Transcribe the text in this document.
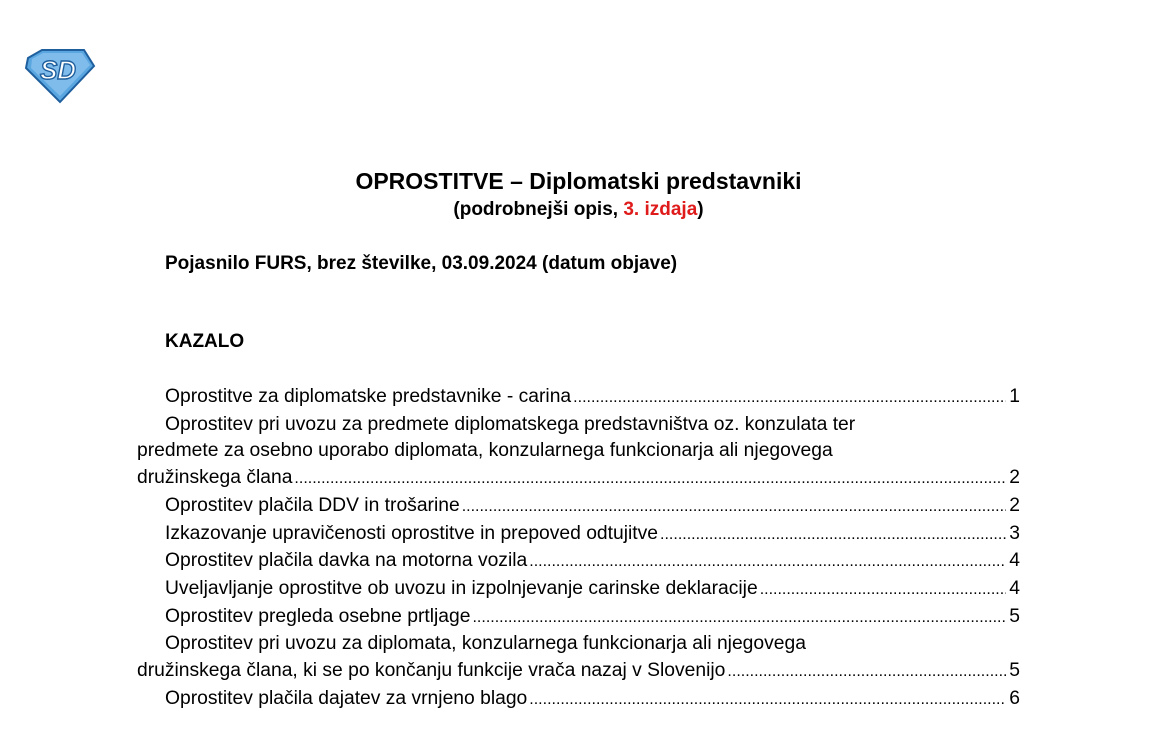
SD
OPROSTITVE – Diplomatski predstavniki

(podrobnejši opis, 3. izdaja)

Pojasnilo FURS, brez številke, 03.09.2024 (datum objave)

KAZALO

Oprostitve za diplomatske predstavnike - carina .....	1
Oprostitev pri uvozu za predmete diplomatskega predstavništva oz. konzulata ter
predmete za osebno uporabo diplomata, konzularnega funkcionarja ali njegovega
družinskega člana .....	2
Oprostitev plačila DDV in trošarine .....	2
Izkazovanje upravičenosti oprostitve in prepoved odtujitve .....	3
Oprostitev plačila davka na motorna vozila .....	4
Uveljavljanje oprostitve ob uvozu in izpolnjevanje carinske deklaracije .....	4
Oprostitev pregleda osebne prtljage .....	5
Oprostitev pri uvozu za diplomata, konzularnega funkcionarja ali njegovega
družinskega člana, ki se po končanju funkcije vrača nazaj v Slovenijo .....	5
Oprostitev plačila dajatev za vrnjeno blago .....	6
